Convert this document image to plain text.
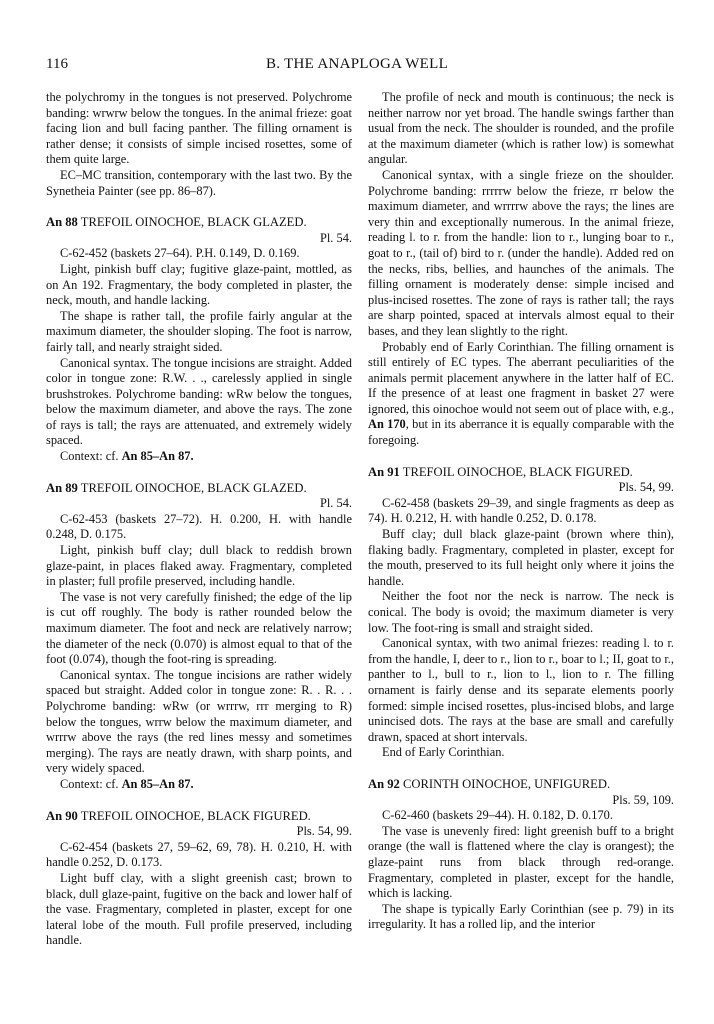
116	B. THE ANAPLOGA WELL

the polychromy in the tongues is not preserved. Polychrome banding: wrwrw below the tongues. In the animal frieze: goat facing lion and bull facing panther. The filling ornament is rather dense; it consists of simple incised rosettes, some of them quite large.

EC–MC transition, contemporary with the last two. By the Synetheia Painter (see pp. 86–87).

An 88 TREFOIL OINOCHOE, BLACK GLAZED.

Pl. 54.

C-62-452 (baskets 27–64). P.H. 0.149, D. 0.169.

Light, pinkish buff clay; fugitive glaze-paint, mottled, as on An 192. Fragmentary, the body completed in plaster, the neck, mouth, and handle lacking.

The shape is rather tall, the profile fairly angular at the maximum diameter, the shoulder sloping. The foot is narrow, fairly tall, and nearly straight sided.

Canonical syntax. The tongue incisions are straight. Added color in tongue zone: R.W. . ., carelessly applied in single brushstrokes. Polychrome banding: wRw below the tongues, below the maximum diameter, and above the rays. The zone of rays is tall; the rays are attenuated, and extremely widely spaced.

Context: cf. An 85–An 87.

An 89 TREFOIL OINOCHOE, BLACK GLAZED.

Pl. 54.

C-62-453 (baskets 27–72). H. 0.200, H. with handle 0.248, D. 0.175.

Light, pinkish buff clay; dull black to reddish brown glaze-paint, in places flaked away. Fragmentary, completed in plaster; full profile preserved, including handle.

The vase is not very carefully finished; the edge of the lip is cut off roughly. The body is rather rounded below the maximum diameter. The foot and neck are relatively narrow; the diameter of the neck (0.070) is almost equal to that of the foot (0.074), though the foot-ring is spreading.

Canonical syntax. The tongue incisions are rather widely spaced but straight. Added color in tongue zone: R. . R. . . Polychrome banding: wRw (or wrrrw, rrr merging to R) below the tongues, wrrw below the maximum diameter, and wrrrw above the rays (the red lines messy and sometimes merging). The rays are neatly drawn, with sharp points, and very widely spaced.

Context: cf. An 85–An 87.

An 90 TREFOIL OINOCHOE, BLACK FIGURED.

Pls. 54, 99.

C-62-454 (baskets 27, 59–62, 69, 78). H. 0.210, H. with handle 0.252, D. 0.173.

Light buff clay, with a slight greenish cast; brown to black, dull glaze-paint, fugitive on the back and lower half of the vase. Fragmentary, completed in plaster, except for one lateral lobe of the mouth. Full profile preserved, including handle.

The profile of neck and mouth is continuous; the neck is neither narrow nor yet broad. The handle swings farther than usual from the neck. The shoulder is rounded, and the profile at the maximum diameter (which is rather low) is somewhat angular.

Canonical syntax, with a single frieze on the shoulder. Polychrome banding: rrrrrw below the frieze, rr below the maximum diameter, and wrrrrw above the rays; the lines are very thin and exceptionally numerous. In the animal frieze, reading l. to r. from the handle: lion to r., lunging boar to r., goat to r., (tail of) bird to r. (under the handle). Added red on the necks, ribs, bellies, and haunches of the animals. The filling ornament is moderately dense: simple incised and plus-incised rosettes. The zone of rays is rather tall; the rays are sharp pointed, spaced at intervals almost equal to their bases, and they lean slightly to the right.

Probably end of Early Corinthian. The filling ornament is still entirely of EC types. The aberrant peculiarities of the animals permit placement anywhere in the latter half of EC. If the presence of at least one fragment in basket 27 were ignored, this oinochoe would not seem out of place with, e.g., An 170, but in its aberrance it is equally comparable with the foregoing.

An 91 TREFOIL OINOCHOE, BLACK FIGURED.

Pls. 54, 99.

C-62-458 (baskets 29–39, and single fragments as deep as 74). H. 0.212, H. with handle 0.252, D. 0.178.

Buff clay; dull black glaze-paint (brown where thin), flaking badly. Fragmentary, completed in plaster, except for the mouth, preserved to its full height only where it joins the handle.

Neither the foot nor the neck is narrow. The neck is conical. The body is ovoid; the maximum diameter is very low. The foot-ring is small and straight sided.

Canonical syntax, with two animal friezes: reading l. to r. from the handle, I, deer to r., lion to r., boar to l.; II, goat to r., panther to l., bull to r., lion to l., lion to r. The filling ornament is fairly dense and its separate elements poorly formed: simple incised rosettes, plus-incised blobs, and large unincised dots. The rays at the base are small and carefully drawn, spaced at short intervals.

End of Early Corinthian.

An 92 CORINTH OINOCHOE, UNFIGURED.

Pls. 59, 109.

C-62-460 (baskets 29–44). H. 0.182, D. 0.170.

The vase is unevenly fired: light greenish buff to a bright orange (the wall is flattened where the clay is orangest); the glaze-paint runs from black through red-orange. Fragmentary, completed in plaster, except for the handle, which is lacking.

The shape is typically Early Corinthian (see p. 79) in its irregularity. It has a rolled lip, and the interior
